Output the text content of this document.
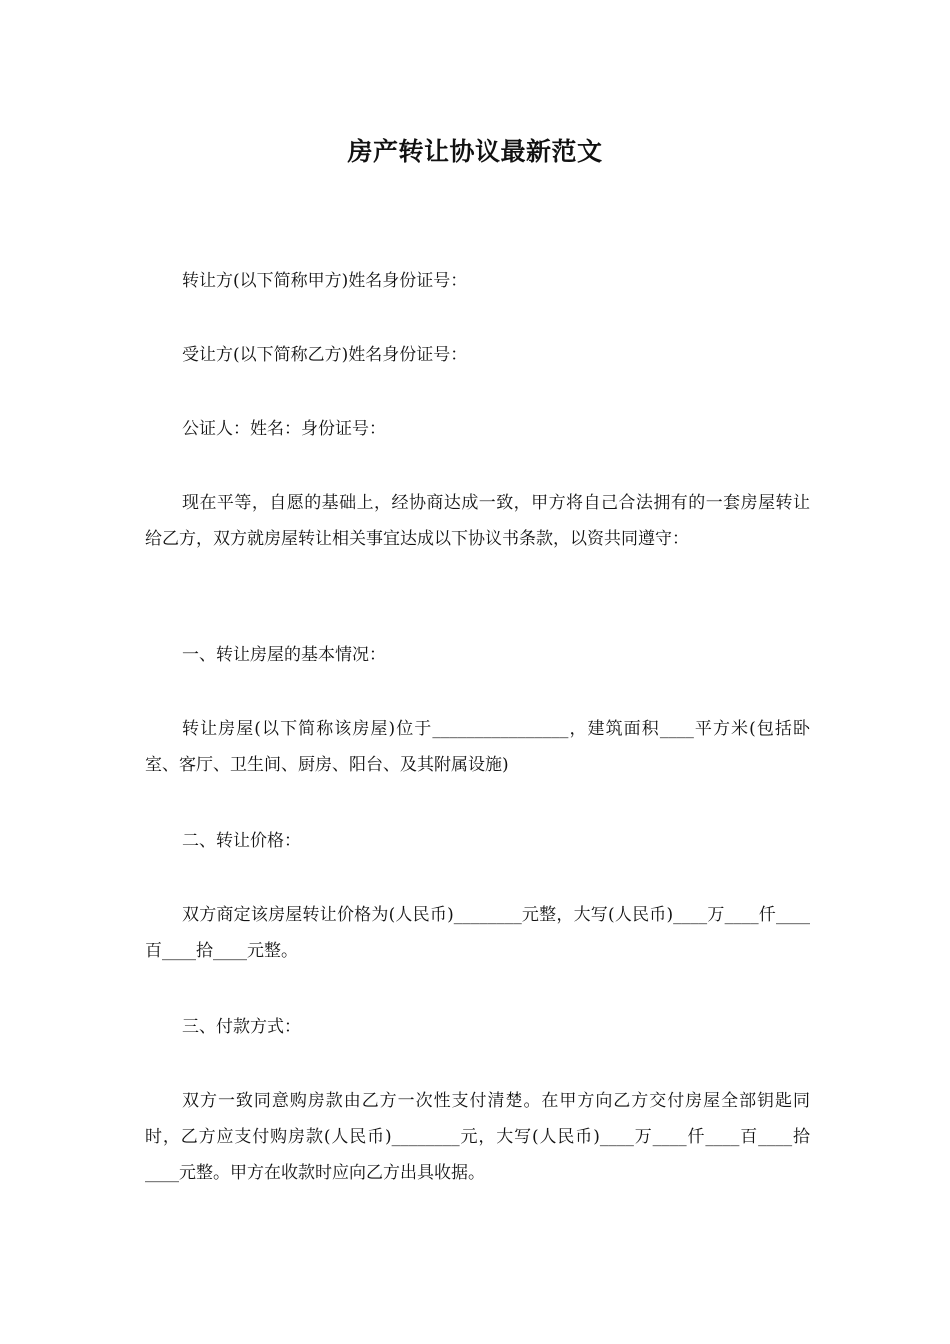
房产转让协议最新范文
转让方(以下简称甲方)姓名身份证号：
受让方(以下简称乙方)姓名身份证号：
公证人：姓名：身份证号：
现在平等，自愿的基础上，经协商达成一致，甲方将自己合法拥有的一套房屋转让给乙方，双方就房屋转让相关事宜达成以下协议书条款，以资共同遵守：
一、转让房屋的基本情况：
转让房屋(以下简称该房屋)位于________________，建筑面积____平方米(包括卧室、客厅、卫生间、厨房、阳台、及其附属设施)
二、转让价格：
双方商定该房屋转让价格为(人民币)________元整，大写(人民币)____万____仟____百____拾____元整。
三、付款方式：
双方一致同意购房款由乙方一次性支付清楚。在甲方向乙方交付房屋全部钥匙同时，乙方应支付购房款(人民币)________元，大写(人民币)____万____仟____百____拾____元整。甲方在收款时应向乙方出具收据。
